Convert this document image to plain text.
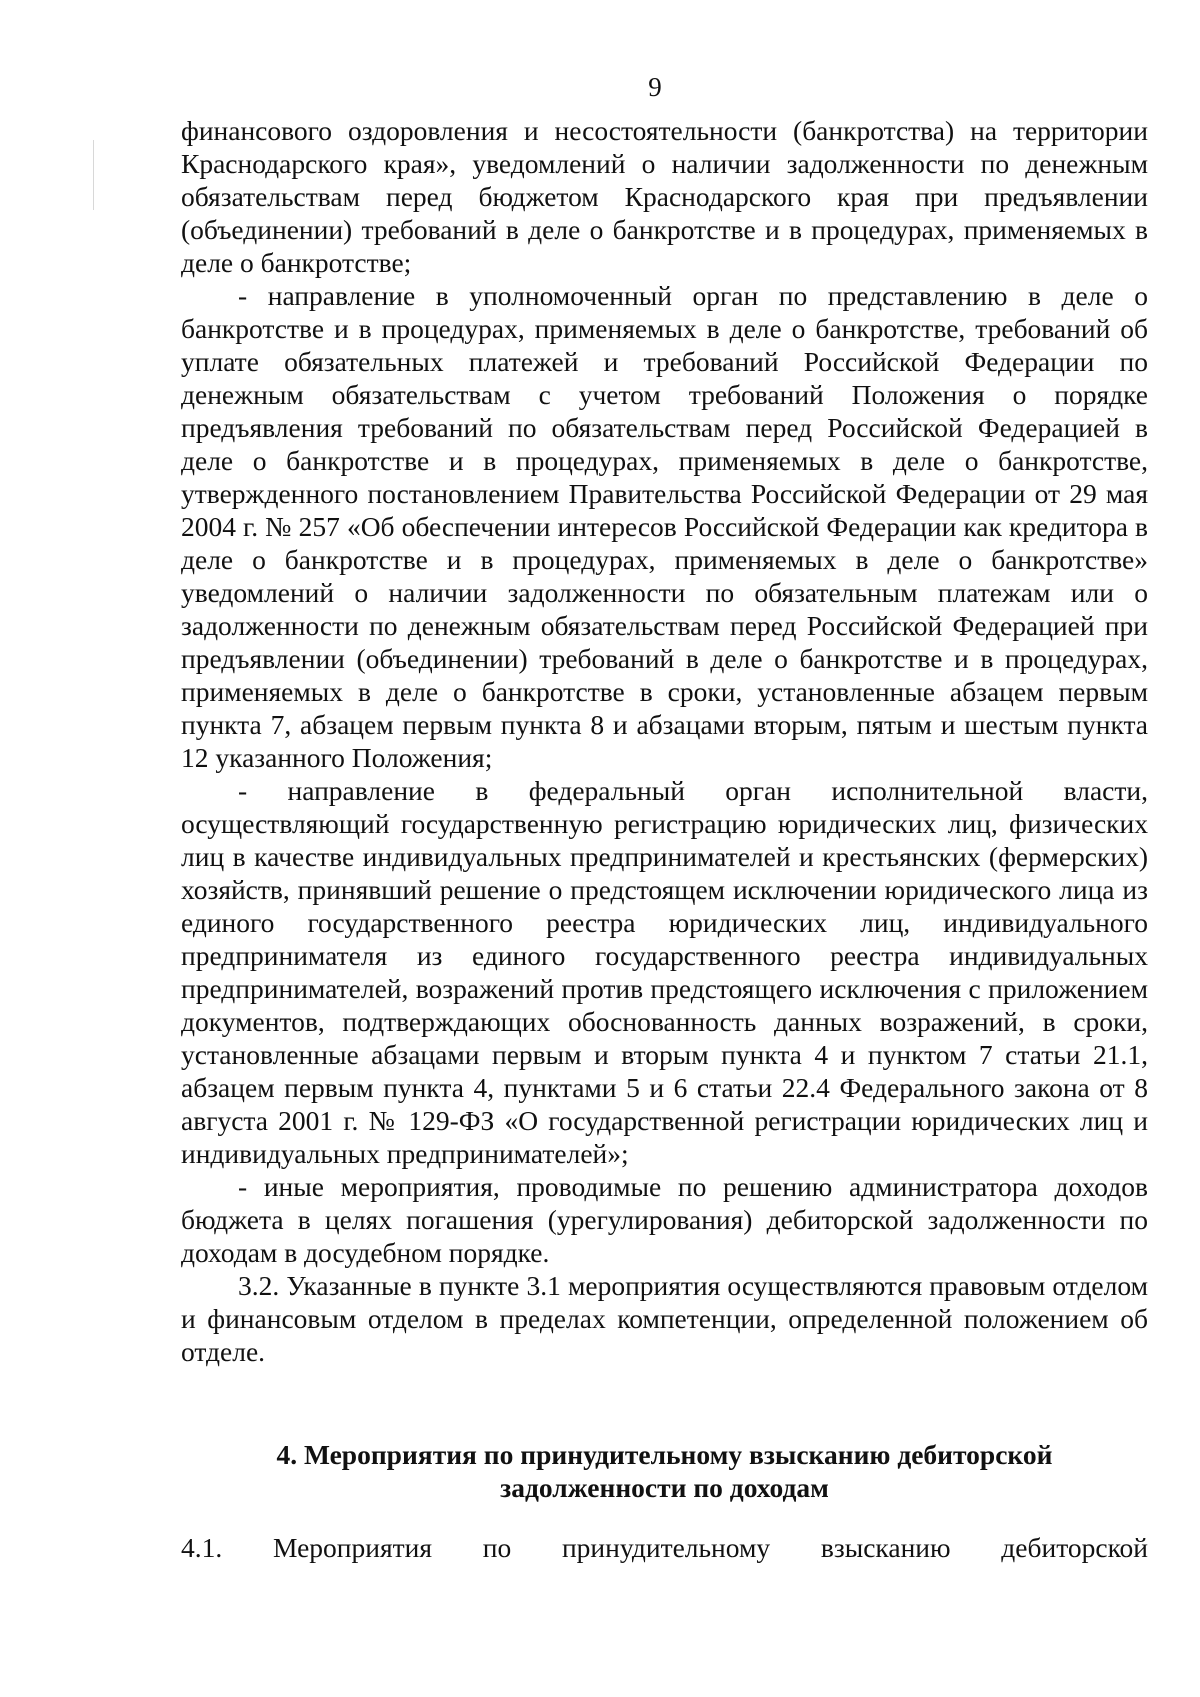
9

финансового оздоровления и несостоятельности (банкротства) на территории Краснодарского края», уведомлений о наличии задолженности по денежным обязательствам перед бюджетом Краснодарского края при предъявлении (объединении) требований в деле о банкротстве и в процедурах, применяемых в деле о банкротстве;

- направление в уполномоченный орган по представлению в деле о банкротстве и в процедурах, применяемых в деле о банкротстве, требований об уплате обязательных платежей и требований Российской Федерации по денежным обязательствам с учетом требований Положения о порядке предъявления требований по обязательствам перед Российской Федерацией в деле о банкротстве и в процедурах, применяемых в деле о банкротстве, утвержденного постановлением Правительства Российской Федерации от 29 мая 2004 г. № 257 «Об обеспечении интересов Российской Федерации как кредитора в деле о банкротстве и в процедурах, применяемых в деле о банкротстве» уведомлений о наличии задолженности по обязательным платежам или о задолженности по денежным обязательствам перед Российской Федерацией при предъявлении (объединении) требований в деле о банкротстве и в процедурах, применяемых в деле о банкротстве в сроки, установленные абзацем первым пункта 7, абзацем первым пункта 8 и абзацами вторым, пятым и шестым пункта 12 указанного Положения;

- направление в федеральный орган исполнительной власти, осуществляющий государственную регистрацию юридических лиц, физических лиц в качестве индивидуальных предпринимателей и крестьянских (фермерских) хозяйств, принявший решение о предстоящем исключении юридического лица из единого государственного реестра юридических лиц, индивидуального предпринимателя из единого государственного реестра индивидуальных предпринимателей, возражений против предстоящего исключения с приложением документов, подтверждающих обоснованность данных возражений, в сроки, установленные абзацами первым и вторым пункта 4 и пунктом 7 статьи 21.1, абзацем первым пункта 4, пунктами 5 и 6 статьи 22.4 Федерального закона от 8 августа 2001 г. № 129-ФЗ «О государственной регистрации юридических лиц и индивидуальных предпринимателей»;

- иные мероприятия, проводимые по решению администратора доходов бюджета в целях погашения (урегулирования) дебиторской задолженности по доходам в досудебном порядке.

3.2. Указанные в пункте 3.1 мероприятия осуществляются правовым отделом и финансовым отделом в пределах компетенции, определенной положением об отделе.

4. Мероприятия по принудительному взысканию дебиторской
задолженности по доходам

4.1. Мероприятия по принудительному взысканию дебиторской
